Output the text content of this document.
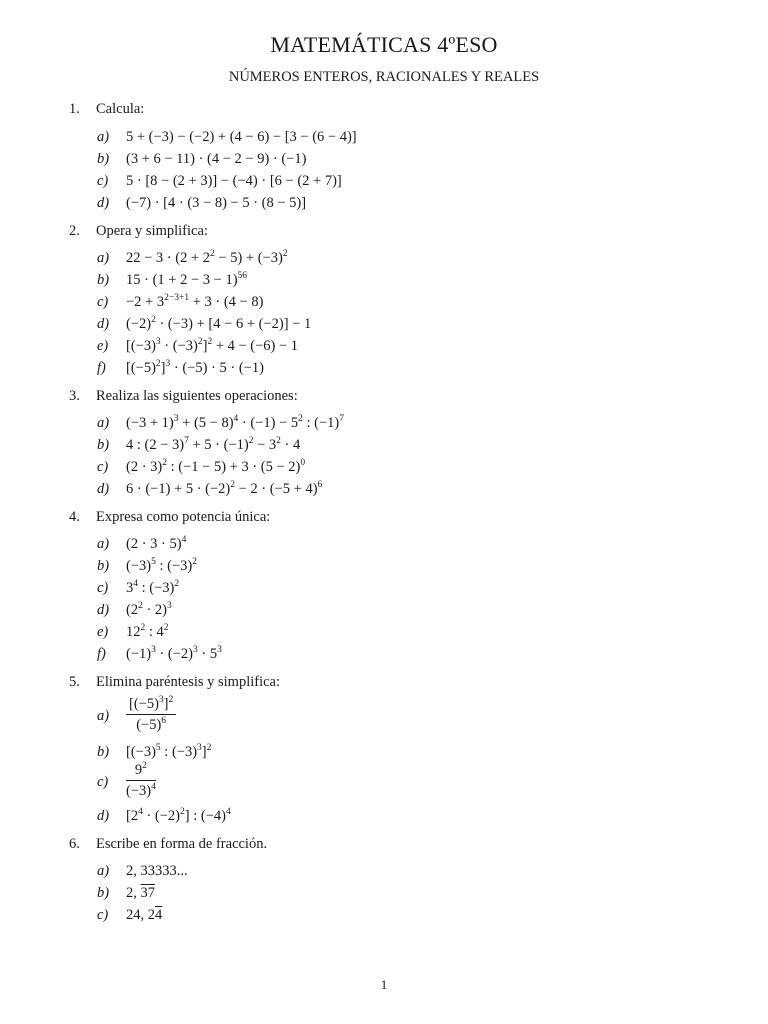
MATEMÁTICAS 4ºESO
NÚMEROS ENTEROS, RACIONALES Y REALES
1. Calcula:
a) 5 + (−3) − (−2) + (4 − 6) − [3 − (6 − 4)]
b) (3 + 6 − 11) · (4 − 2 − 9) · (−1)
c) 5 · [8 − (2 + 3)] − (−4) · [6 − (2 + 7)]
d) (−7) · [4 · (3 − 8) − 5 · (8 − 5)]
2. Opera y simplifica:
a) $22 - 3 \cdot (2 + 2^2 - 5) + (-3)^2$
b) $15 \cdot (1 + 2 - 3 - 1)^{56}$
$c) -2 + 3^{2-3+1} + 3 \cdot (4 - 8)$
d) $(-2)^2 \cdot (-3) + [4 - 6 + (-2)] - 1$
e) $[(-3)^3 \cdot (-3)^2]^2 + 4 - (-6) - 1$
f) $[(-5)^2]^3 \cdot (-5) \cdot 5 \cdot (-1)$
3. Realiza las siguientes operaciones:
a) $(-3 + 1)^3 + (5 - 8)^4 \cdot (-1) - 5^2$ : $(-1)^7$
b) 4 : $(2 - 3)^7 + 5 \cdot (-1)^2 - 3^2 \cdot 4$
c) $(2 \cdot 3)^2$ : $(-1 - 5) + 3 \cdot (5 - 2)^0$
d) $6 \cdot (-1) + 5 \cdot (-2)^2 - 2 \cdot (-5 + 4)^6$
4. Expresa como potencia única:
a) $(2 \cdot 3 \cdot 5)^4$
b) $(-3)^5$ : $(-3)^2$
c) $3^4$ : $(-3)^2$
d) $(2^2 \cdot 2)^3$
e) $12^2$ : $4^2$
f) $(-1)^3 \cdot (-2)^3 \cdot 5^3$
5. Elimina paréntesis y simplifica:
$a) \frac{[(-5)^3]^2}{(-5)^6}$
b) [$(-3)^5$ : $(-3)^3]^2$
$c) \frac{9^2}{(-3)^4}$
d) $[2^4 \cdot (-2)^2]$ : $(-4)^4$
6. Escribe en forma de fracción.
a) 2, 33333...
b) 2, 37
c) 24, 24
1
